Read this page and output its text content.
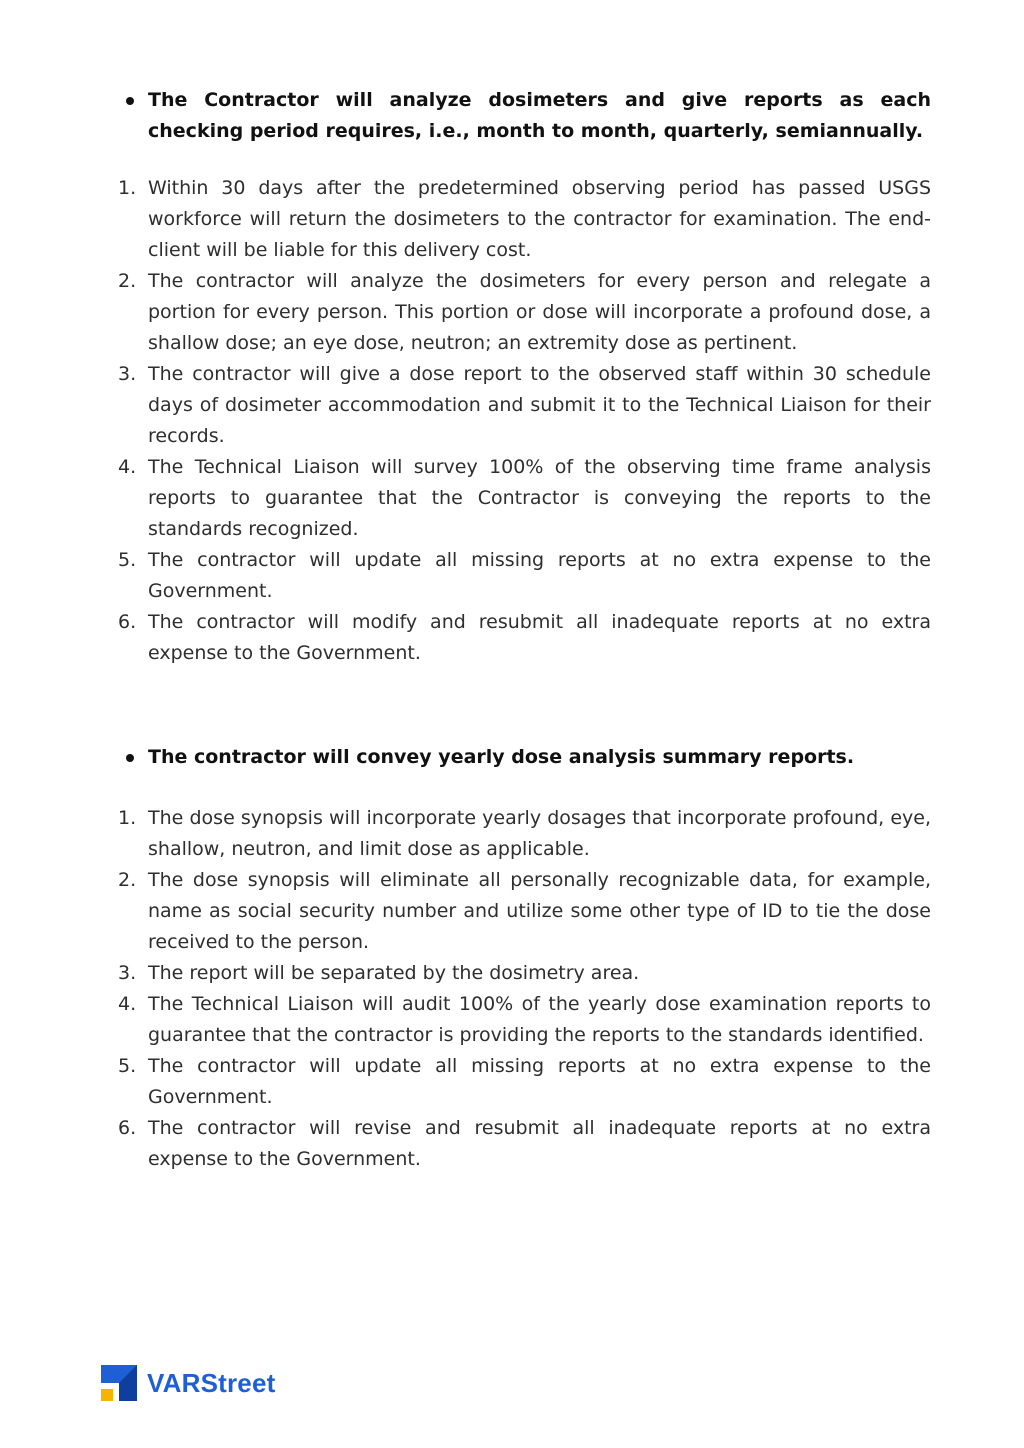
The Contractor will analyze dosimeters and give reports as each checking period requires, i.e., month to month, quarterly, semiannually.
1. Within 30 days after the predetermined observing period has passed USGS workforce will return the dosimeters to the contractor for examination. The end-client will be liable for this delivery cost.
2. The contractor will analyze the dosimeters for every person and relegate a portion for every person. This portion or dose will incorporate a profound dose, a shallow dose; an eye dose, neutron; an extremity dose as pertinent.
3. The contractor will give a dose report to the observed staff within 30 schedule days of dosimeter accommodation and submit it to the Technical Liaison for their records.
4. The Technical Liaison will survey 100% of the observing time frame analysis reports to guarantee that the Contractor is conveying the reports to the standards recognized.
5. The contractor will update all missing reports at no extra expense to the Government.
6. The contractor will modify and resubmit all inadequate reports at no extra expense to the Government.
The contractor will convey yearly dose analysis summary reports.
1. The dose synopsis will incorporate yearly dosages that incorporate profound, eye, shallow, neutron, and limit dose as applicable.
2. The dose synopsis will eliminate all personally recognizable data, for example, name as social security number and utilize some other type of ID to tie the dose received to the person.
3. The report will be separated by the dosimetry area.
4. The Technical Liaison will audit 100% of the yearly dose examination reports to guarantee that the contractor is providing the reports to the standards identified.
5. The contractor will update all missing reports at no extra expense to the Government.
6. The contractor will revise and resubmit all inadequate reports at no extra expense to the Government.
VARStreet
